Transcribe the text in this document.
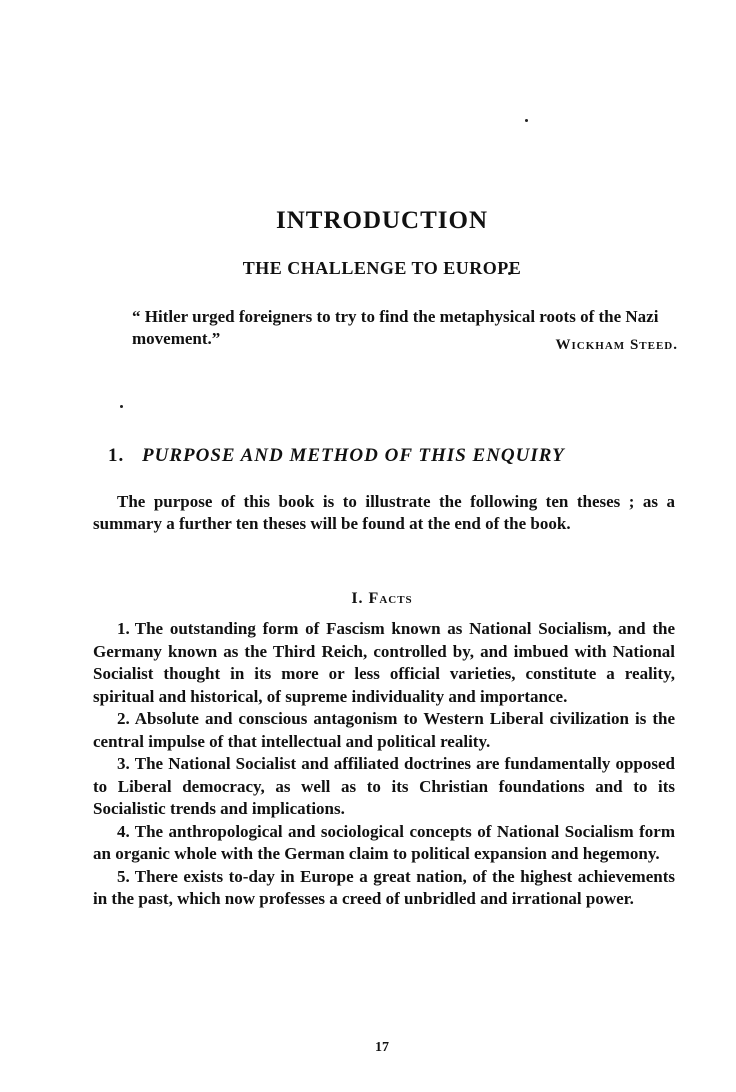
INTRODUCTION
THE CHALLENGE TO EUROPE
“ Hitler urged foreigners to try to find the metaphysical roots of the Nazi movement.”	Wickham Steed.
1. PURPOSE AND METHOD OF THIS ENQUIRY

The purpose of this book is to illustrate the following ten theses ; as a summary a further ten theses will be found at the end of the book.

I. Facts

1. The outstanding form of Fascism known as National Socialism, and the Germany known as the Third Reich, controlled by, and imbued with National Socialist thought in its more or less official varieties, constitute a reality, spiritual and historical, of supreme individuality and importance.

2. Absolute and conscious antagonism to Western Liberal civilization is the central impulse of that intellectual and political reality.

3. The National Socialist and affiliated doctrines are fundamentally opposed to Liberal democracy, as well as to its Christian foundations and to its Socialistic trends and implications.

4. The anthropological and sociological concepts of National Socialism form an organic whole with the German claim to political expansion and hegemony.

5. There exists to-day in Europe a great nation, of the highest achievements in the past, which now professes a creed of unbridled and irrational power.

17
